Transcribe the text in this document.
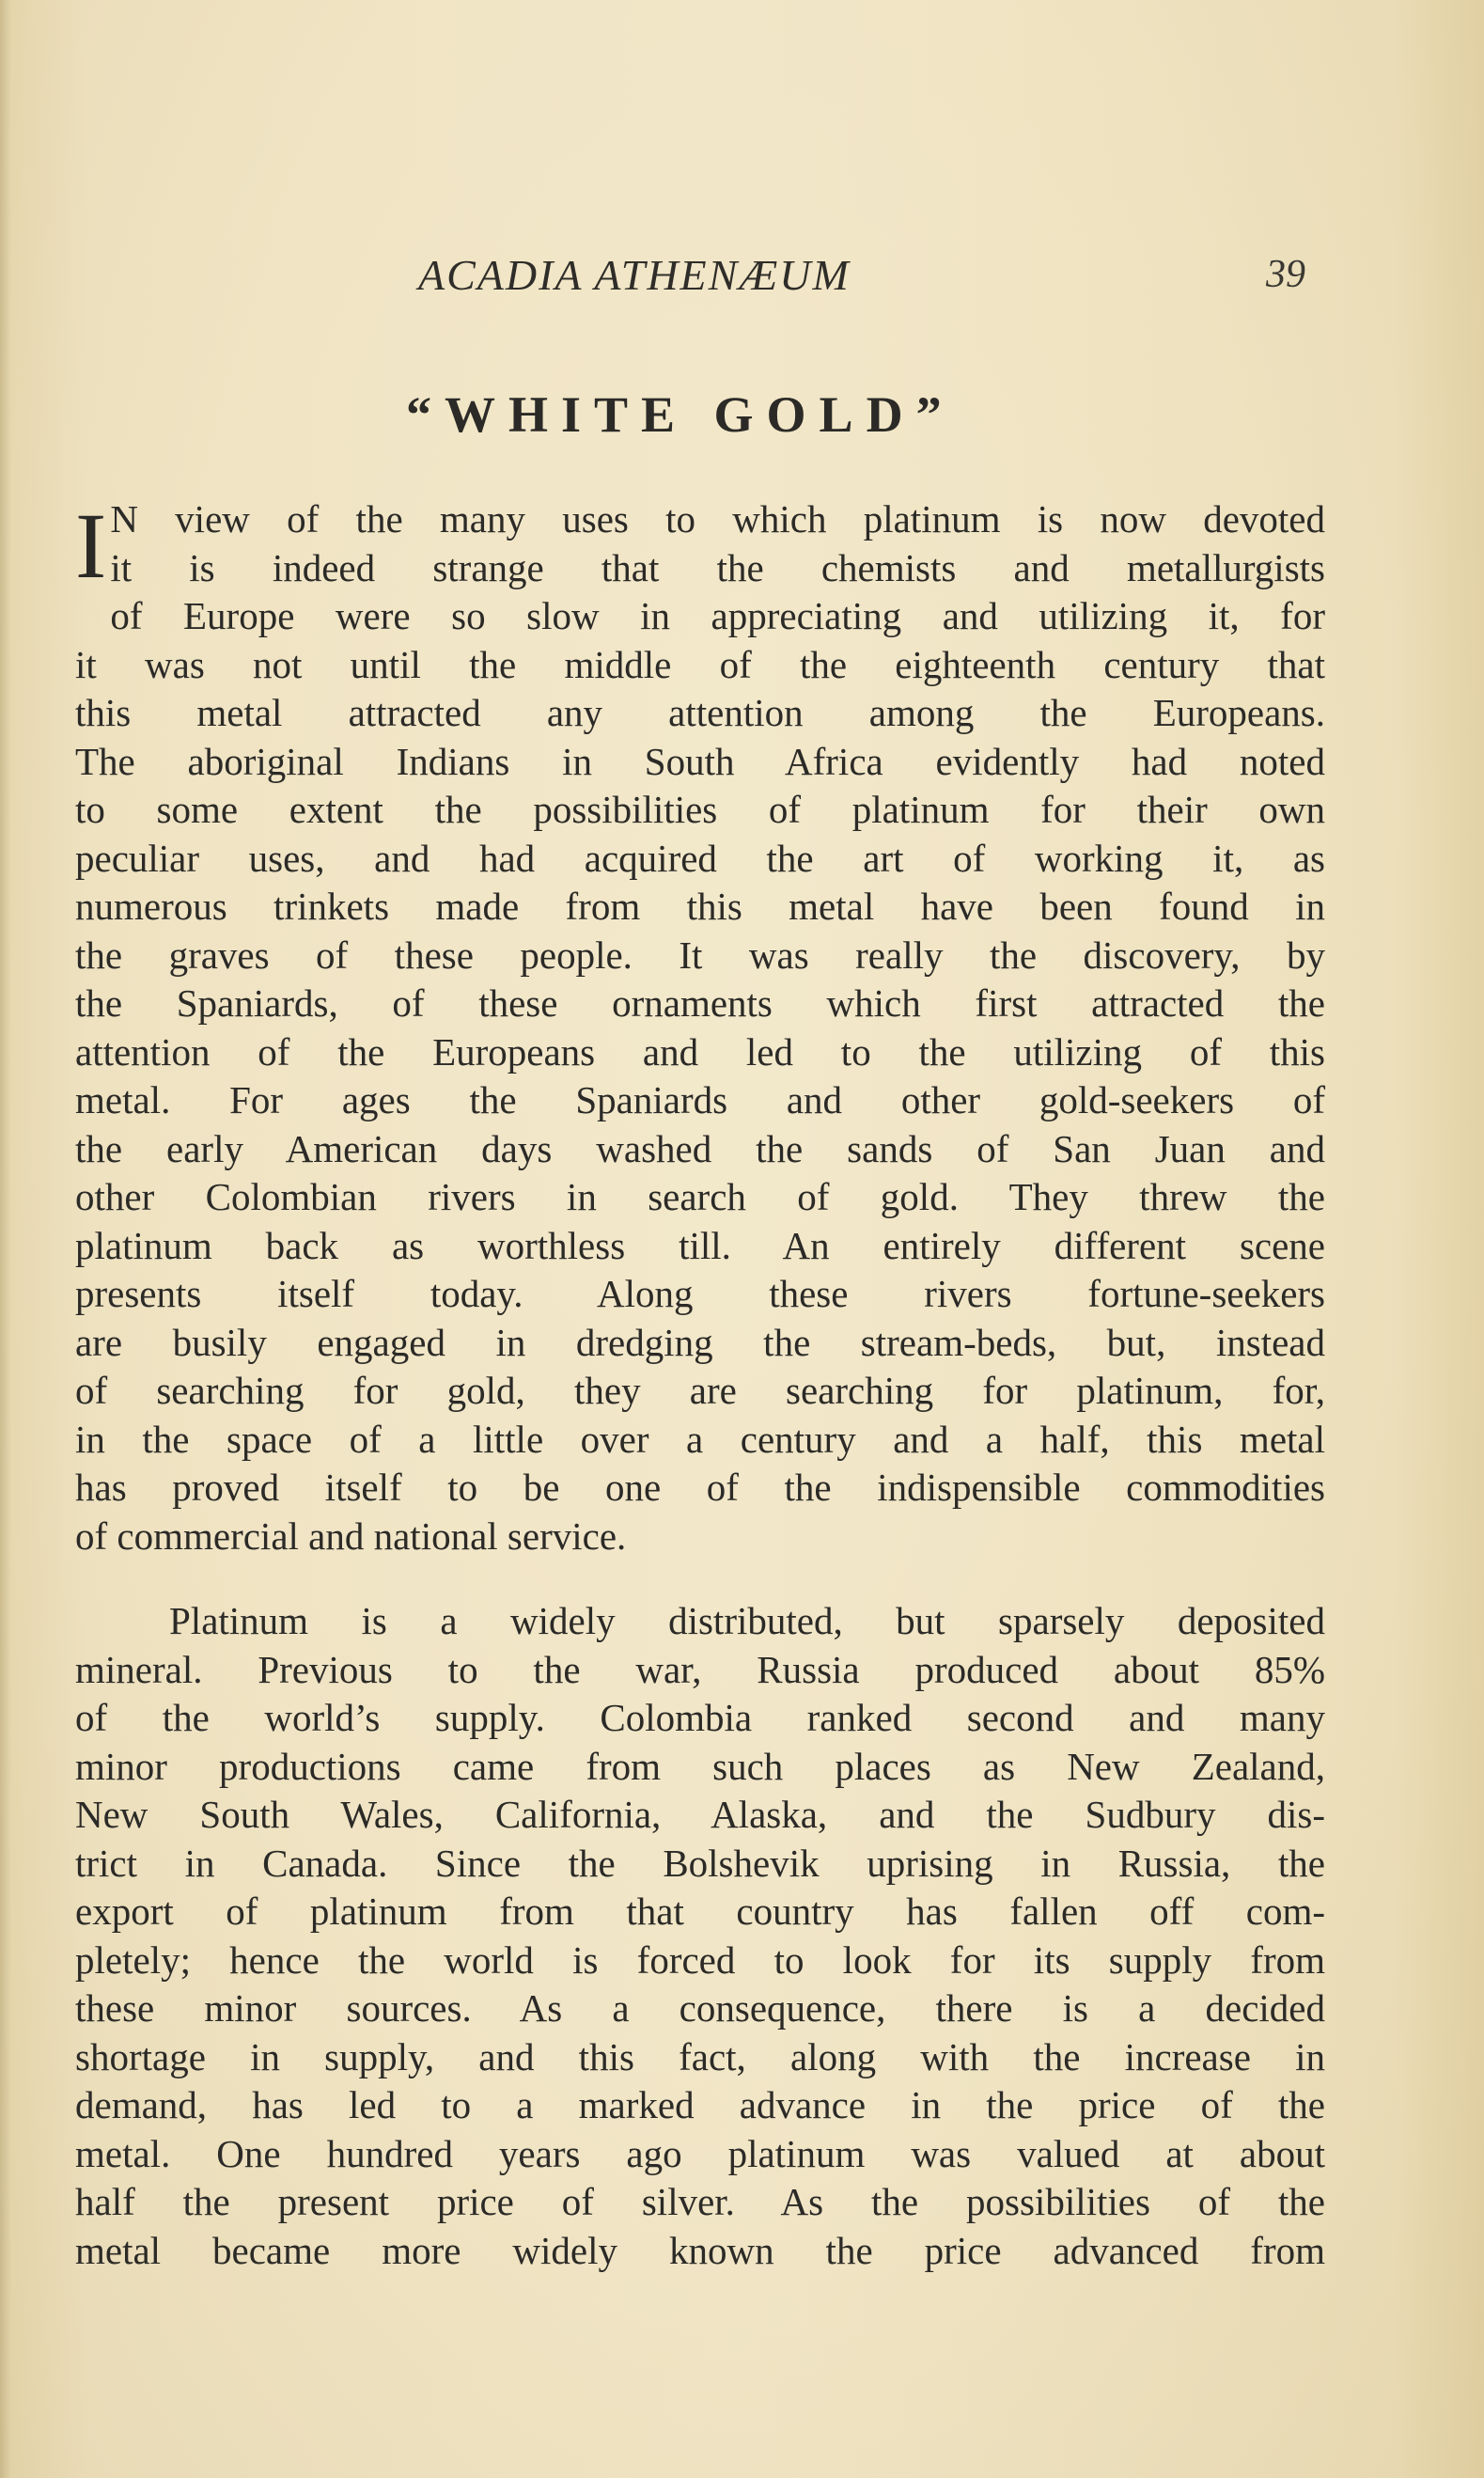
ACADIA ATHENÆUM	39
“WHITE GOLD”
I N view of the many uses to which platinum is now devoted
it is indeed strange that the chemists and metallurgists
of Europe were so slow in appreciating and utilizing it, for
it was not until the middle of the eighteenth century that
this metal attracted any attention among the Europeans.
The aboriginal Indians in South Africa evidently had noted
to some extent the possibilities of platinum for their own
peculiar uses, and had acquired the art of working it, as
numerous trinkets made from this metal have been found in
the graves of these people. It was really the discovery, by
the Spaniards, of these ornaments which first attracted the
attention of the Europeans and led to the utilizing of this
metal. For ages the Spaniards and other gold-seekers of
the early American days washed the sands of San Juan and
other Colombian rivers in search of gold. They threw the
platinum back as worthless till. An entirely different scene
presents itself today. Along these rivers fortune-seekers
are busily engaged in dredging the stream-beds, but, instead
of searching for gold, they are searching for platinum, for,
in the space of a little over a century and a half, this metal
has proved itself to be one of the indispensible commodities
of commercial and national service.
Platinum is a widely distributed, but sparsely deposited
mineral. Previous to the war, Russia produced about 85%
of the world’s supply. Colombia ranked second and many
minor productions came from such places as New Zealand,
New South Wales, California, Alaska, and the Sudbury dis-
trict in Canada. Since the Bolshevik uprising in Russia, the
export of platinum from that country has fallen off com-
pletely; hence the world is forced to look for its supply from
these minor sources. As a consequence, there is a decided
shortage in supply, and this fact, along with the increase in
demand, has led to a marked advance in the price of the
metal. One hundred years ago platinum was valued at about
half the present price of silver. As the possibilities of the
metal became more widely known the price advanced from
